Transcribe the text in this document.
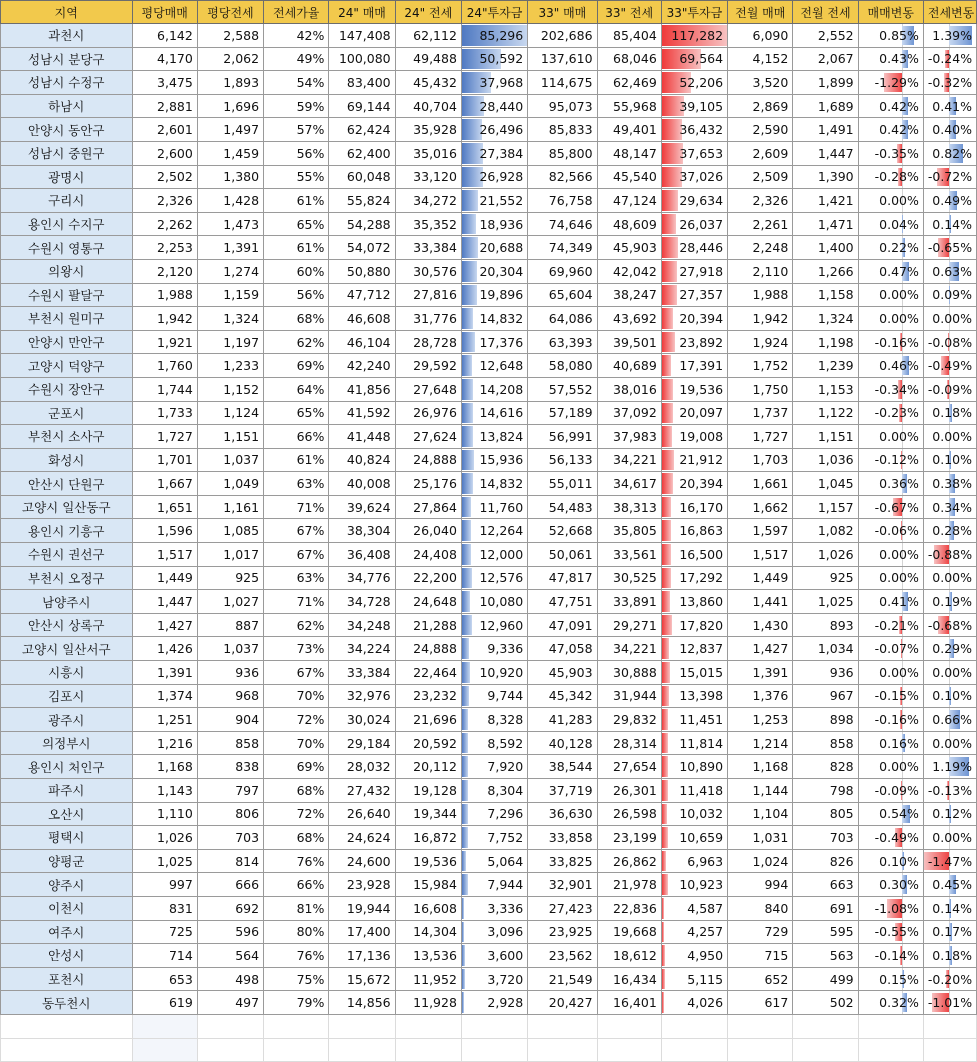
지역	평당매매	평당전세	전세가율	24" 매매	24" 전세	24"투자금	33" 매매	33" 전세	33"투자금	전월 매매	전월 전세	매매변동	전세변동
과천시	6,142	2,588	42%	147,408	62,112	85,296	202,686	85,404	117,282	6,090	2,552	0.85%	1.39%
성남시 분당구	4,170	2,062	49%	100,080	49,488	50,592	137,610	68,046	69,564	4,152	2,067	0.43%	-0.24%
성남시 수정구	3,475	1,893	54%	83,400	45,432	37,968	114,675	62,469	52,206	3,520	1,899	-1.29%	-0.32%
하남시	2,881	1,696	59%	69,144	40,704	28,440	95,073	55,968	39,105	2,869	1,689	0.42%	0.41%
안양시 동안구	2,601	1,497	57%	62,424	35,928	26,496	85,833	49,401	36,432	2,590	1,491	0.42%	0.40%
성남시 중원구	2,600	1,459	56%	62,400	35,016	27,384	85,800	48,147	37,653	2,609	1,447	-0.35%	0.82%
광명시	2,502	1,380	55%	60,048	33,120	26,928	82,566	45,540	37,026	2,509	1,390	-0.28%	-0.72%
구리시	2,326	1,428	61%	55,824	34,272	21,552	76,758	47,124	29,634	2,326	1,421	0.00%	0.49%
용인시 수지구	2,262	1,473	65%	54,288	35,352	18,936	74,646	48,609	26,037	2,261	1,471	0.04%	0.14%
수원시 영통구	2,253	1,391	61%	54,072	33,384	20,688	74,349	45,903	28,446	2,248	1,400	0.22%	-0.65%
의왕시	2,120	1,274	60%	50,880	30,576	20,304	69,960	42,042	27,918	2,110	1,266	0.47%	0.63%
수원시 팔달구	1,988	1,159	56%	47,712	27,816	19,896	65,604	38,247	27,357	1,988	1,158	0.00%	0.09%
부천시 원미구	1,942	1,324	68%	46,608	31,776	14,832	64,086	43,692	20,394	1,942	1,324	0.00%	0.00%
안양시 만안구	1,921	1,197	62%	46,104	28,728	17,376	63,393	39,501	23,892	1,924	1,198	-0.16%	-0.08%
고양시 덕양구	1,760	1,233	69%	42,240	29,592	12,648	58,080	40,689	17,391	1,752	1,239	0.46%	-0.49%
수원시 장안구	1,744	1,152	64%	41,856	27,648	14,208	57,552	38,016	19,536	1,750	1,153	-0.34%	-0.09%
군포시	1,733	1,124	65%	41,592	26,976	14,616	57,189	37,092	20,097	1,737	1,122	-0.23%	0.18%
부천시 소사구	1,727	1,151	66%	41,448	27,624	13,824	56,991	37,983	19,008	1,727	1,151	0.00%	0.00%
화성시	1,701	1,037	61%	40,824	24,888	15,936	56,133	34,221	21,912	1,703	1,036	-0.12%	0.10%
안산시 단원구	1,667	1,049	63%	40,008	25,176	14,832	55,011	34,617	20,394	1,661	1,045	0.36%	0.38%
고양시 일산동구	1,651	1,161	71%	39,624	27,864	11,760	54,483	38,313	16,170	1,662	1,157	-0.67%	0.34%
용인시 기흥구	1,596	1,085	67%	38,304	26,040	12,264	52,668	35,805	16,863	1,597	1,082	-0.06%	0.28%
수원시 권선구	1,517	1,017	67%	36,408	24,408	12,000	50,061	33,561	16,500	1,517	1,026	0.00%	-0.88%
부천시 오정구	1,449	925	63%	34,776	22,200	12,576	47,817	30,525	17,292	1,449	925	0.00%	0.00%
남양주시	1,447	1,027	71%	34,728	24,648	10,080	47,751	33,891	13,860	1,441	1,025	0.41%	0.19%
안산시 상록구	1,427	887	62%	34,248	21,288	12,960	47,091	29,271	17,820	1,430	893	-0.21%	-0.68%
고양시 일산서구	1,426	1,037	73%	34,224	24,888	9,336	47,058	34,221	12,837	1,427	1,034	-0.07%	0.29%
시흥시	1,391	936	67%	33,384	22,464	10,920	45,903	30,888	15,015	1,391	936	0.00%	0.00%
김포시	1,374	968	70%	32,976	23,232	9,744	45,342	31,944	13,398	1,376	967	-0.15%	0.10%
광주시	1,251	904	72%	30,024	21,696	8,328	41,283	29,832	11,451	1,253	898	-0.16%	0.66%
의정부시	1,216	858	70%	29,184	20,592	8,592	40,128	28,314	11,814	1,214	858	0.16%	0.00%
용인시 처인구	1,168	838	69%	28,032	20,112	7,920	38,544	27,654	10,890	1,168	828	0.00%	1.19%
파주시	1,143	797	68%	27,432	19,128	8,304	37,719	26,301	11,418	1,144	798	-0.09%	-0.13%
오산시	1,110	806	72%	26,640	19,344	7,296	36,630	26,598	10,032	1,104	805	0.54%	0.12%
평택시	1,026	703	68%	24,624	16,872	7,752	33,858	23,199	10,659	1,031	703	-0.49%	0.00%
양평군	1,025	814	76%	24,600	19,536	5,064	33,825	26,862	6,963	1,024	826	0.10%	-1.47%
양주시	997	666	66%	23,928	15,984	7,944	32,901	21,978	10,923	994	663	0.30%	0.45%
이천시	831	692	81%	19,944	16,608	3,336	27,423	22,836	4,587	840	691	-1.08%	0.14%
여주시	725	596	80%	17,400	14,304	3,096	23,925	19,668	4,257	729	595	-0.55%	0.17%
안성시	714	564	76%	17,136	13,536	3,600	23,562	18,612	4,950	715	563	-0.14%	0.18%
포천시	653	498	75%	15,672	11,952	3,720	21,549	16,434	5,115	652	499	0.15%	-0.20%
동두천시	619	497	79%	14,856	11,928	2,928	20,427	16,401	4,026	617	502	0.32%	-1.01%
